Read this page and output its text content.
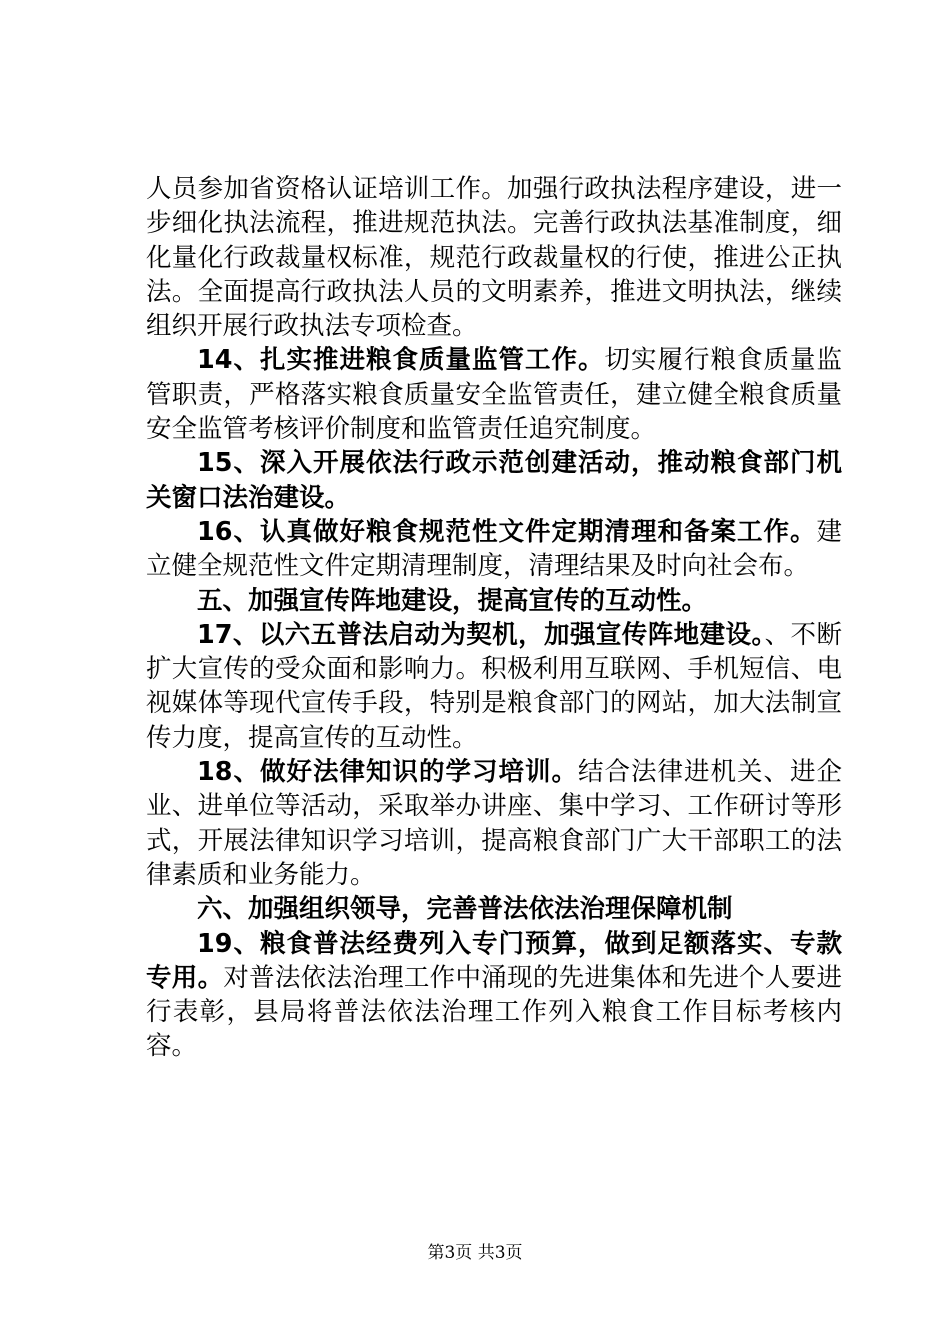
人员参加省资格认证培训工作。加强行政执法程序建设，进一步细化执法流程，推进规范执法。完善行政执法基准制度，细化量化行政裁量权标准，规范行政裁量权的行使，推进公正执法。全面提高行政执法人员的文明素养，推进文明执法，继续组织开展行政执法专项检查。

14、扎实推进粮食质量监管工作。切实履行粮食质量监管职责，严格落实粮食质量安全监管责任，建立健全粮食质量安全监管考核评价制度和监管责任追究制度。

15、深入开展依法行政示范创建活动，推动粮食部门机关窗口法治建设。

16、认真做好粮食规范性文件定期清理和备案工作。建立健全规范性文件定期清理制度，清理结果及时向社会布。

五、加强宣传阵地建设，提高宣传的互动性。

17、以六五普法启动为契机，加强宣传阵地建设。、不断扩大宣传的受众面和影响力。积极利用互联网、手机短信、电视媒体等现代宣传手段，特别是粮食部门的网站，加大法制宣传力度，提高宣传的互动性。

18、做好法律知识的学习培训。结合法律进机关、进企业、进单位等活动，采取举办讲座、集中学习、工作研讨等形式，开展法律知识学习培训，提高粮食部门广大干部职工的法律素质和业务能力。

六、加强组织领导，完善普法依法治理保障机制

19、粮食普法经费列入专门预算，做到足额落实、专款专用。对普法依法治理工作中涌现的先进集体和先进个人要进行表彰，县局将普法依法治理工作列入粮食工作目标考核内容。

第3页 共3页
